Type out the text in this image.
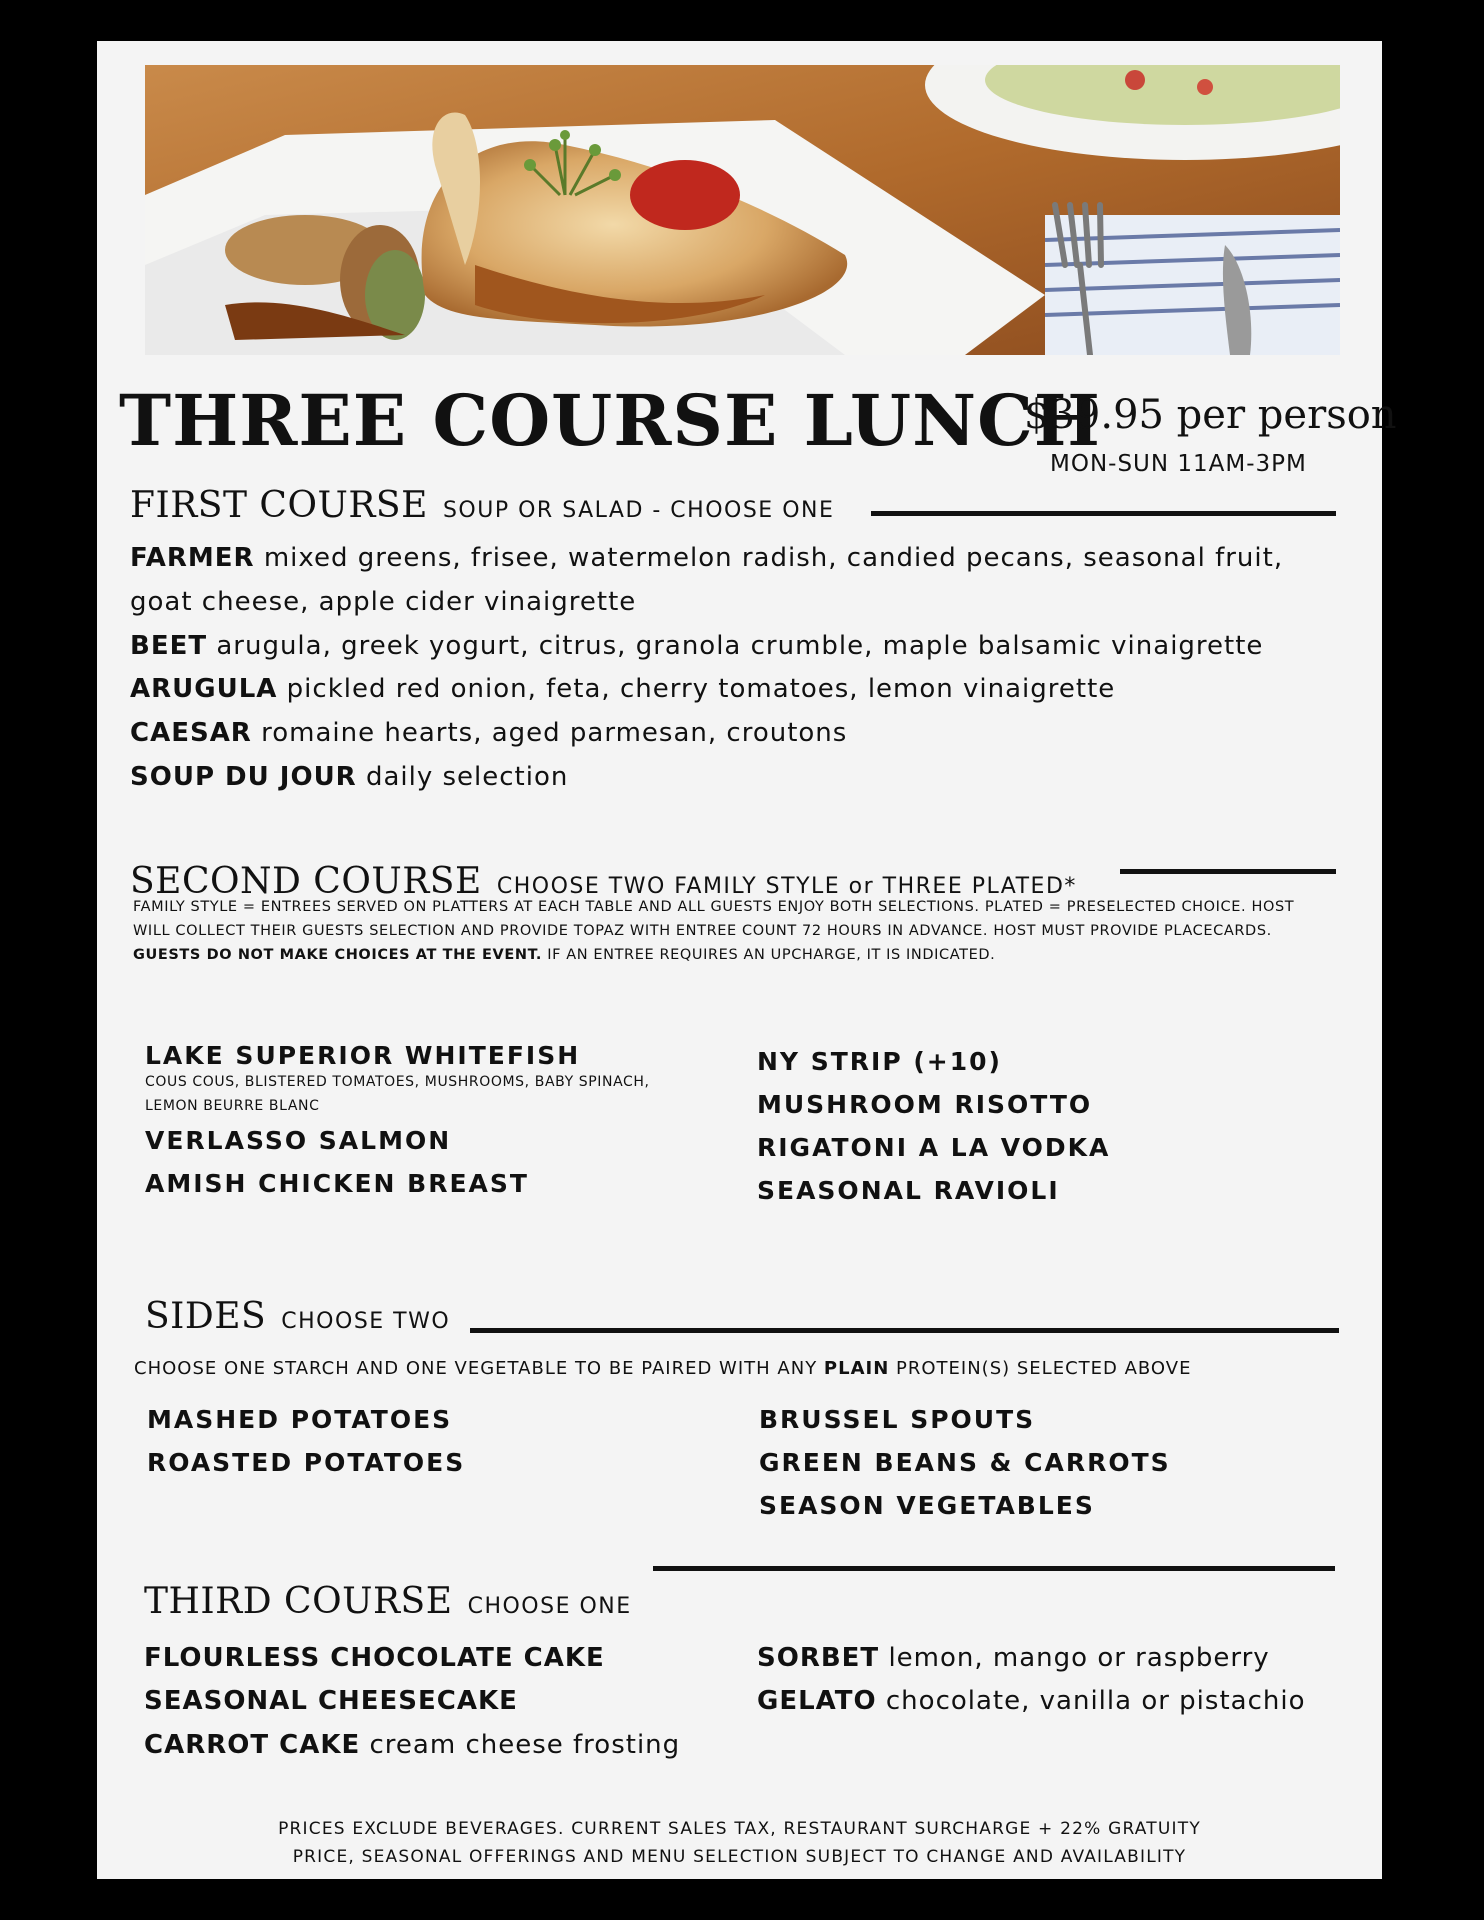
THREE COURSE LUNCH
$39.95 per person
MON-SUN 11AM-3PM
FIRST COURSE SOUP OR SALAD - CHOOSE ONE
FARMER mixed greens, frisee, watermelon radish, candied pecans, seasonal fruit,
goat cheese, apple cider vinaigrette
BEET arugula, greek yogurt, citrus, granola crumble, maple balsamic vinaigrette
ARUGULA pickled red onion, feta, cherry tomatoes, lemon vinaigrette
CAESAR romaine hearts, aged parmesan, croutons
SOUP DU JOUR daily selection
SECOND COURSE CHOOSE TWO FAMILY STYLE or THREE PLATED*
FAMILY STYLE = ENTREES SERVED ON PLATTERS AT EACH TABLE AND ALL GUESTS ENJOY BOTH SELECTIONS. PLATED = PRESELECTED CHOICE. HOST
WILL COLLECT THEIR GUESTS SELECTION AND PROVIDE TOPAZ WITH ENTREE COUNT 72 HOURS IN ADVANCE. HOST MUST PROVIDE PLACECARDS.
GUESTS DO NOT MAKE CHOICES AT THE EVENT. IF AN ENTREE REQUIRES AN UPCHARGE, IT IS INDICATED.
LAKE SUPERIOR WHITEFISH
COUS COUS, BLISTERED TOMATOES, MUSHROOMS, BABY SPINACH,
LEMON BEURRE BLANC
VERLASSO SALMON
AMISH CHICKEN BREAST
NY STRIP (+10)
MUSHROOM RISOTTO
RIGATONI A LA VODKA
SEASONAL RAVIOLI
SIDES CHOOSE TWO
CHOOSE ONE STARCH AND ONE VEGETABLE TO BE PAIRED WITH ANY PLAIN PROTEIN(S) SELECTED ABOVE
MASHED POTATOES
ROASTED POTATOES
BRUSSEL SPOUTS
GREEN BEANS & CARROTS
SEASON VEGETABLES
THIRD COURSE CHOOSE ONE
FLOURLESS CHOCOLATE CAKE
SEASONAL CHEESECAKE
CARROT CAKE cream cheese frosting
SORBET lemon, mango or raspberry
GELATO chocolate, vanilla or pistachio
PRICES EXCLUDE BEVERAGES. CURRENT SALES TAX, RESTAURANT SURCHARGE + 22% GRATUITY
PRICE, SEASONAL OFFERINGS AND MENU SELECTION SUBJECT TO CHANGE AND AVAILABILITY
